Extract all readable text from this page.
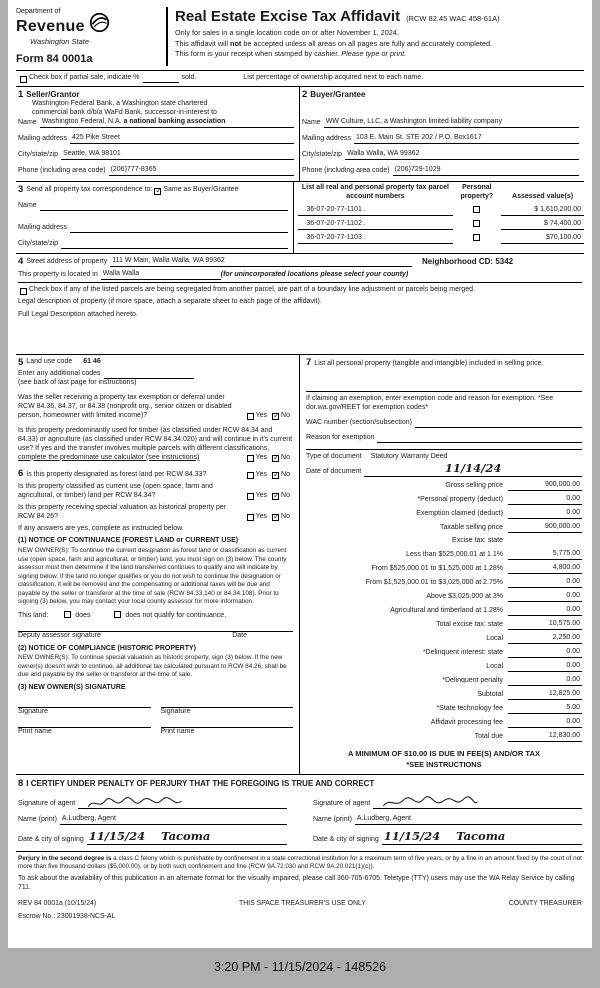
Department of
Revenue
Washington State
Form 84 0001a
Real Estate Excise Tax Affidavit (RCW 82.45 WAC 458-61A)
Only for sales in a single location code on or after November 1, 2024.
This affidavit will not be accepted unless all areas on all pages are fully and accurately completed.
This form is your receipt when stamped by cashier. Please type or print.
Check box if partial sale, indicate %	sold.	List percentage of ownership acquired next to each name.
1 Seller/Grantor
Washington Federal Bank, a Washington state chartered
commercial bank d/b/a WaFd Bank, successor-in-interest to
Name Washington Federal, N.A. a national banking association
Mailing address 425 Pike Street
City/state/zip Seattle, WA 98101
Phone (including area code) (206)777-8365
2 Buyer/Grantee
Name WW Culture, LLC, a Washington limited liability company
Mailing address 103 E. Main St. STE 202 / P.O. Box1617
City/state/zip Walla Walla, WA 99362
Phone (including area code) (206)729-1029
3 Send all property tax correspondence to: ✓ Same as Buyer/Grantee
Name
Mailing address
City/state/zip
List all real and personal property tax parcel account numbers
Personal property?	Assessed value(s)
36-07-20-77-1101 .	$ 1,610,200.00
36-07-20-77-1102 .	$ 74,400.00
36-07-20-77-1103 .	$70,100.00
4 Street address of property 111 W Main, Walla Walla, WA 99362	Neighborhood CD: 5342
This property is located in Walla Walla	(for unincorporated locations please select your county)
Check box if any of the listed parcels are being segregated from another parcel, are part of a boundary line adjustment or parcels being merged.
Legal description of property (if more space, attach a separate sheet to each page of the affidavit).
Full Legal Description attached hereto.
5 Land use code	61 46
Enter any additional codes
(see back of last page for instructions)
Was the seller receiving a property tax exemption or deferral under RCW 84.36, 84.37, or 84.38 (nonprofit org., senior citizen or disabled person, homeowner with limited income)?	Yes ✓ No
Is this property predominantly used for timber (as classified under RCW 84.34 and 84.33) or agriculture (as classified under RCW 84.34.020) and will continue in it's current use? If yes and the transfer involves multiple parcels with different classifications,
complete the predominate use calculator (see instructions)	Yes ✓ No
6 Is this property designated as forest land per RCW 84.33?	Yes ✓ No
Is this property classified as current use (open space, farm and agricultural, or timber) land per RCW 84.34?	Yes ✓ No
Is this property receiving special valuation as historical property per RCW 84.26?	Yes ✓ No
If any answers are yes, complete as instructed below.
(1) NOTICE OF CONTINUANCE (FOREST LAND or CURRENT USE)
NEW OWNER(S): To continue the current designation as forest land or classification as current use (open space, farm and agricultural, or timber) land, you must sign on (3) below. The county assessor must then determine if the land transferred continues to qualify and will indicate by signing below. If the land no longer qualifies or you do not wish to continue the designation or classification, it will be removed and the compensating or additional taxes will be due and payable by the seller or transferor at the time of sale (RCW 84.33.140 or 84.34.108). Prior to signing (3) below, you may contact your local county assessor for more information.
This land:	does	does not qualify for continuance.
Deputy assessor signature	Date
(2) NOTICE OF COMPLIANCE (HISTORIC PROPERTY)
NEW OWNER(S): To continue special valuation as historic property, sign (3) below. If the new owner(s) doesn't wish to continue, all additional tax calculated pursuant to RCW 84.26, shall be due and payable by the seller or transferor at the time of sale.
(3) NEW OWNER(S) SIGNATURE
Signature	Signature
Print name	Print name
7 List all personal property (tangible and intangible) included in selling price.
If claiming an exemption, enter exemption code and reason for exemption. *See dor.wa.gov/REET for exemption codes*
WAC number (section/subsection)
Reason for exemption
Type of document	Statutory Warranty Deed
Date of document	11/14/24
Gross selling price	900,000.00
*Personal property (deduct)	0.00
Exemption claimed (deduct)	0.00
Taxable selling price	900,000.00
Excise tax: state
Less than $525,000.01 at 1.1%	5,775.00
From $525,000.01 to $1,525,000 at 1.28%	4,800.00
From $1,525,000.01 to $3,025,000 at 2.75%	0.00
Above $3,025,000 at 3%	0.00
Agricultural and timberland at 1.28%	0.00
Total excise tax: state	10,575.00
Local	2,250.00
*Delinquent interest: state	0.00
Local	0.00
*Delinquent penalty	0.00
Subtotal	12,825.00
*State technology fee	5.00
Affidavit processing fee	0.00
Total due	12,830.00
A MINIMUM OF $10.00 IS DUE IN FEE(S) AND/OR TAX
*SEE INSTRUCTIONS
8 I CERTIFY UNDER PENALTY OF PERJURY THAT THE FOREGOING IS TRUE AND CORRECT
Signature of agent
Name (print) A.Ludberg, Agent
Date & city of signing 11/15/24 Tacoma
Signature of agent
Name (print) A.Ludberg, Agent
Date & city of signing 11/15/24 Tacoma
Perjury in the second degree is a class C felony which is punishable by confinement in a state correctional institution for a maximum term of five years, or by a fine in an amount fixed by the court of not more than five thousand dollars ($5,000.00), or by both such confinement and fine (RCW 9A.72.030 and RCW 9A.20.021(1)(c)).
To ask about the availability of this publication in an alternate format for the visually impaired, please call 360-705-6705. Teletype (TTY) users may use the WA Relay Service by calling 711.
REV 84 0001a (10/15/24)	THIS SPACE TREASURER'S USE ONLY	COUNTY TREASURER
Escrow No.: 23001938-NCS-AL
3:20 PM - 11/15/2024 - 148526
